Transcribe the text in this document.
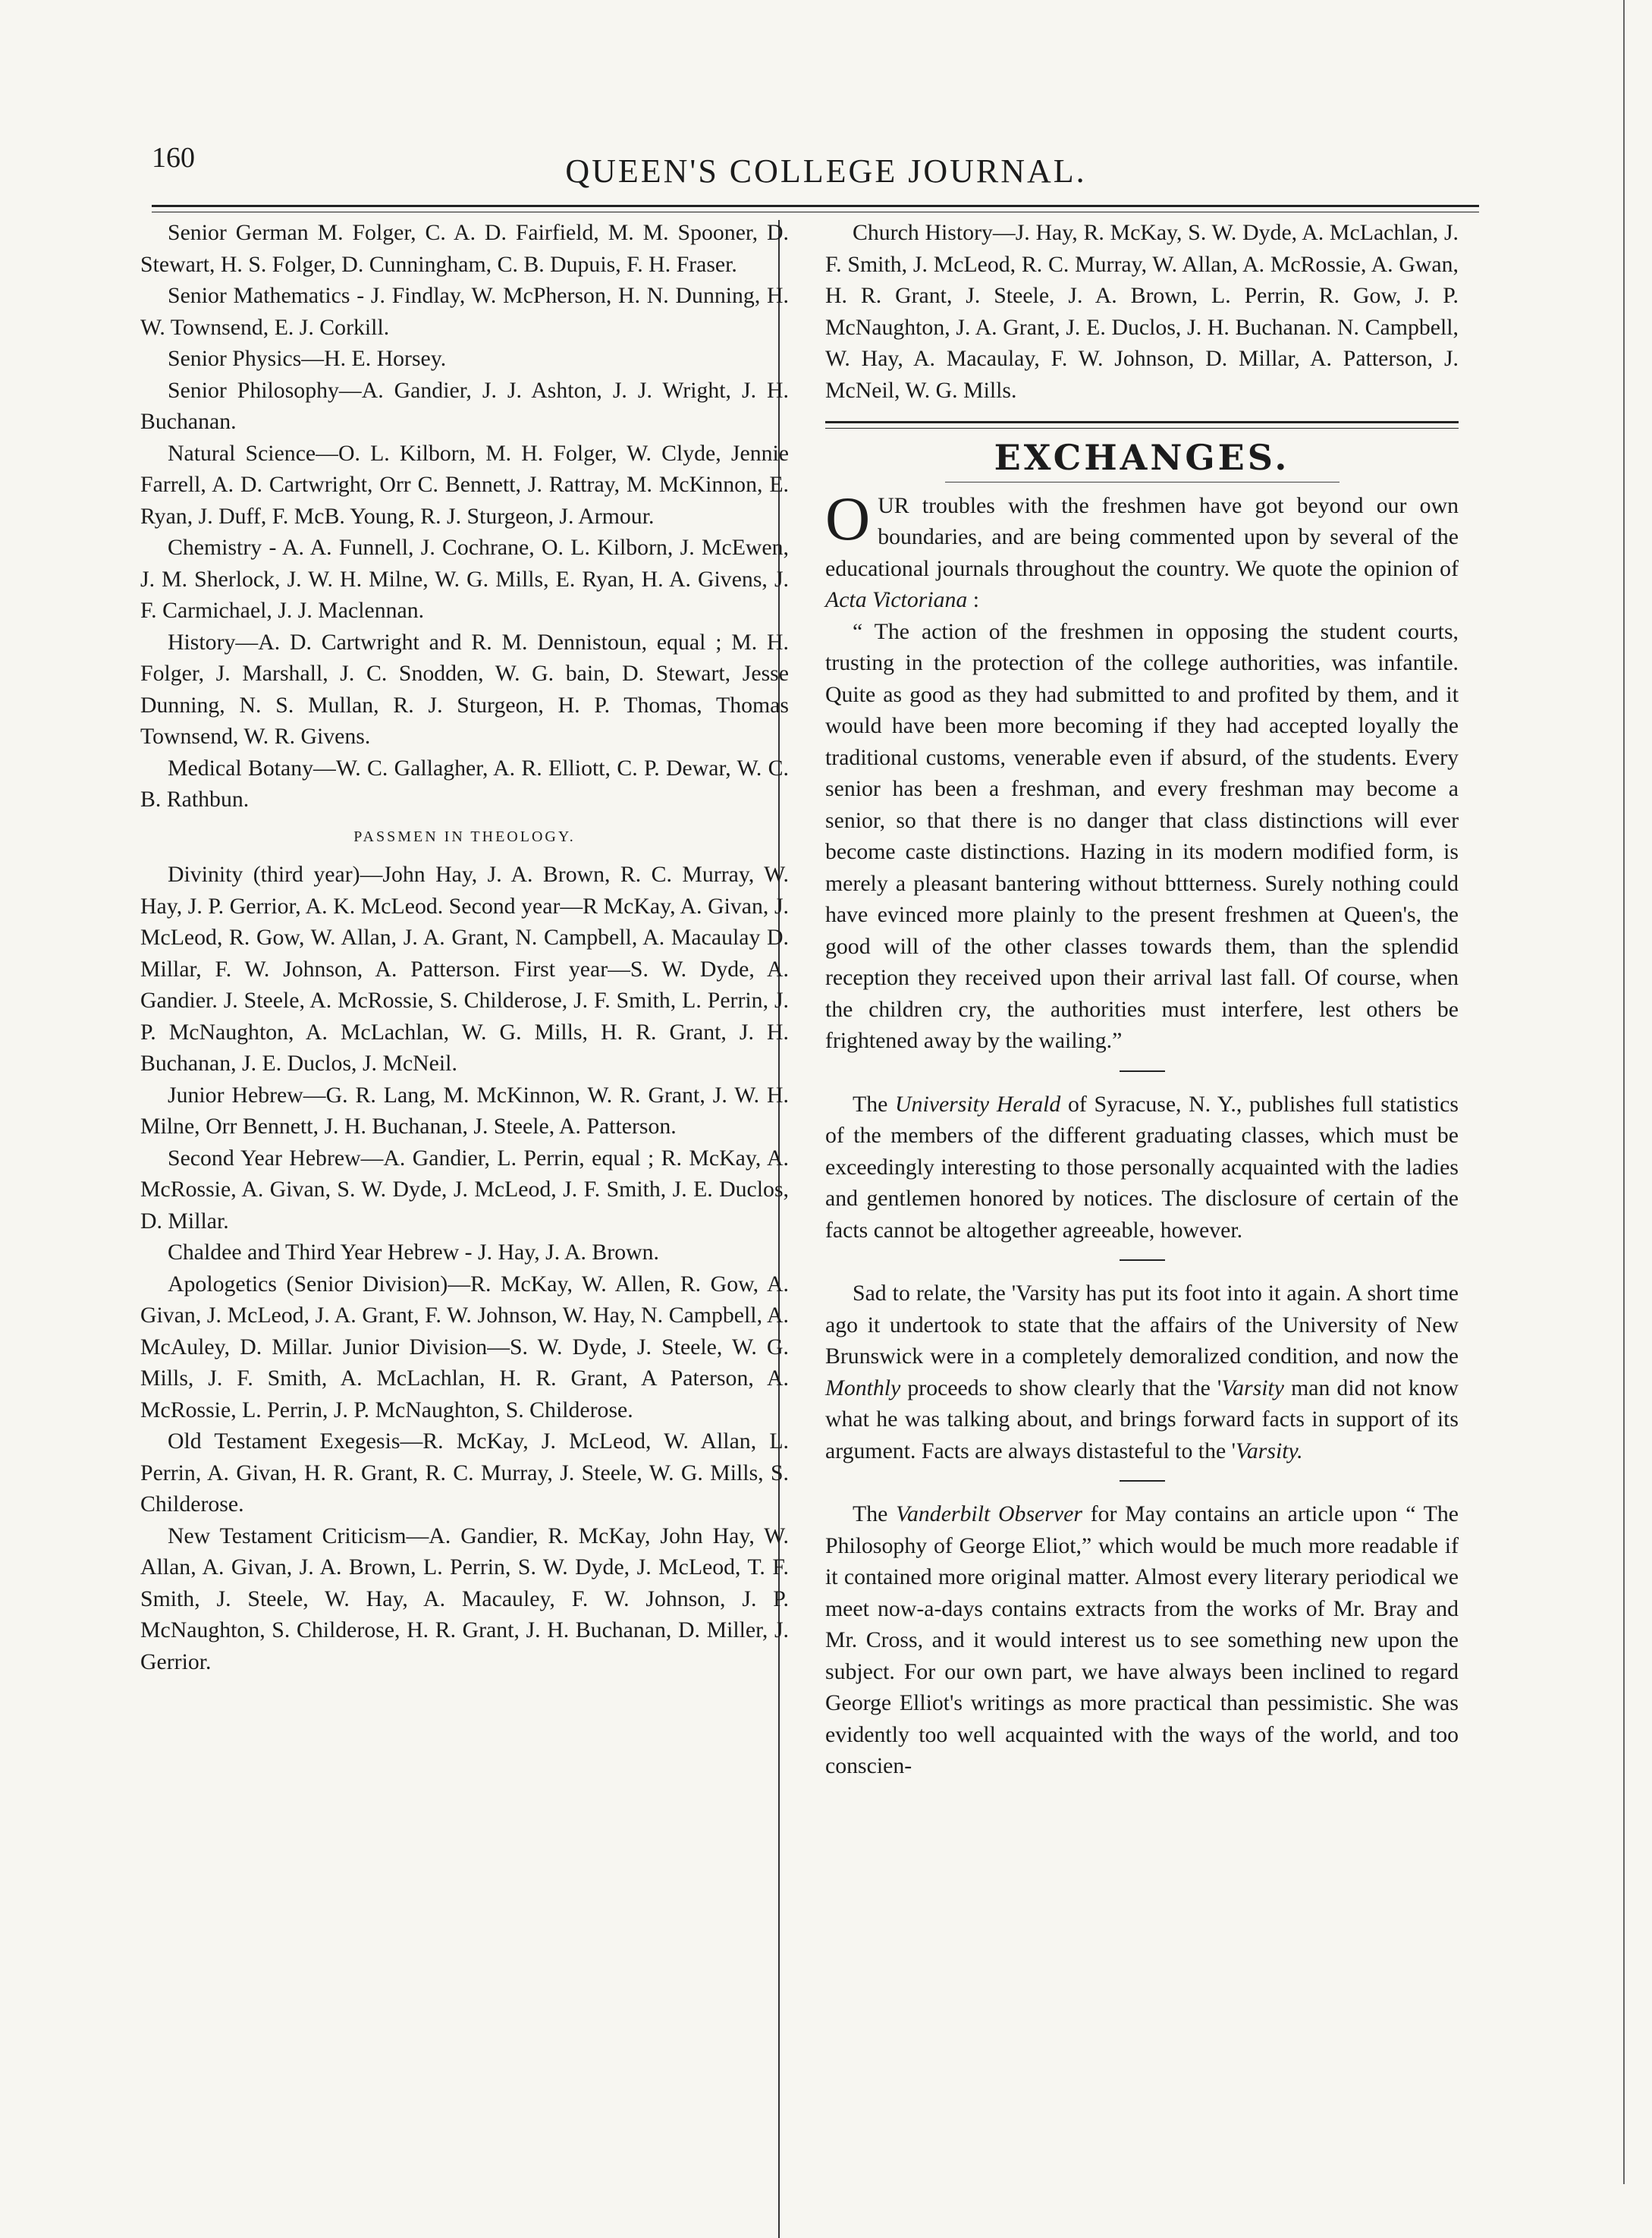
160	QUEEN'S COLLEGE JOURNAL.

Senior German M. Folger, C. A. D. Fairfield, M. M. Spooner, D. Stewart, H. S. Folger, D. Cunningham, C. B. Dupuis, F. H. Fraser.

Senior Mathematics - J. Findlay, W. McPherson, H. N. Dunning, H. W. Townsend, E. J. Corkill.

Senior Physics—H. E. Horsey.

Senior Philosophy—A. Gandier, J. J. Ashton, J. J. Wright, J. H. Buchanan.

Natural Science—O. L. Kilborn, M. H. Folger, W. Clyde, Jennie Farrell, A. D. Cartwright, Orr C. Bennett, J. Rattray, M. McKinnon, E. Ryan, J. Duff, F. McB. Young, R. J. Sturgeon, J. Armour.

Chemistry - A. A. Funnell, J. Cochrane, O. L. Kilborn, J. McEwen, J. M. Sherlock, J. W. H. Milne, W. G. Mills, E. Ryan, H. A. Givens, J. F. Carmichael, J. J. Maclennan.

History—A. D. Cartwright and R. M. Dennistoun, equal ; M. H. Folger, J. Marshall, J. C. Snodden, W. G. bain, D. Stewart, Jesse Dunning, N. S. Mullan, R. J. Sturgeon, H. P. Thomas, Thomas Townsend, W. R. Givens.

Medical Botany—W. C. Gallagher, A. R. Elliott, C. P. Dewar, W. C. B. Rathbun.

PASSMEN IN THEOLOGY.

Divinity (third year)—John Hay, J. A. Brown, R. C. Murray, W. Hay, J. P. Gerrior, A. K. McLeod. Second year—R McKay, A. Givan, J. McLeod, R. Gow, W. Allan, J. A. Grant, N. Campbell, A. Macaulay D. Millar, F. W. Johnson, A. Patterson. First year—S. W. Dyde, A. Gandier. J. Steele, A. McRossie, S. Childerose, J. F. Smith, L. Perrin, J. P. McNaughton, A. McLachlan, W. G. Mills, H. R. Grant, J. H. Buchanan, J. E. Duclos, J. McNeil.

Junior Hebrew—G. R. Lang, M. McKinnon, W. R. Grant, J. W. H. Milne, Orr Bennett, J. H. Buchanan, J. Steele, A. Patterson.

Second Year Hebrew—A. Gandier, L. Perrin, equal ; R. McKay, A. McRossie, A. Givan, S. W. Dyde, J. McLeod, J. F. Smith, J. E. Duclos, D. Millar.

Chaldee and Third Year Hebrew - J. Hay, J. A. Brown.

Apologetics (Senior Division)—R. McKay, W. Allen, R. Gow, A. Givan, J. McLeod, J. A. Grant, F. W. Johnson, W. Hay, N. Campbell, A. McAuley, D. Millar. Junior Division—S. W. Dyde, J. Steele, W. G. Mills, J. F. Smith, A. McLachlan, H. R. Grant, A Paterson, A. McRossie, L. Perrin, J. P. McNaughton, S. Childerose.

Old Testament Exegesis—R. McKay, J. McLeod, W. Allan, L. Perrin, A. Givan, H. R. Grant, R. C. Murray, J. Steele, W. G. Mills, S. Childerose.

New Testament Criticism—A. Gandier, R. McKay, John Hay, W. Allan, A. Givan, J. A. Brown, L. Perrin, S. W. Dyde, J. McLeod, T. F. Smith, J. Steele, W. Hay, A. Macauley, F. W. Johnson, J. P. McNaughton, S. Childerose, H. R. Grant, J. H. Buchanan, D. Miller, J. Gerrior.

Church History—J. Hay, R. McKay, S. W. Dyde, A. McLachlan, J. F. Smith, J. McLeod, R. C. Murray, W. Allan, A. McRossie, A. Gwan, H. R. Grant, J. Steele, J. A. Brown, L. Perrin, R. Gow, J. P. McNaughton, J. A. Grant, J. E. Duclos, J. H. Buchanan. N. Campbell, W. Hay, A. Macaulay, F. W. Johnson, D. Millar, A. Patterson, J. McNeil, W. G. Mills.

EXCHANGES.

OUR troubles with the freshmen have got beyond our own boundaries, and are being commented upon by several of the educational journals throughout the country. We quote the opinion of Acta Victoriana :

“ The action of the freshmen in opposing the student courts, trusting in the protection of the college authorities, was infantile. Quite as good as they had submitted to and profited by them, and it would have been more becoming if they had accepted loyally the traditional customs, venerable even if absurd, of the students. Every senior has been a freshman, and every freshman may become a senior, so that there is no danger that class distinctions will ever become caste distinctions. Hazing in its modern modified form, is merely a pleasant bantering without bttterness. Surely nothing could have evinced more plainly to the present freshmen at Queen's, the good will of the other classes towards them, than the splendid reception they received upon their arrival last fall. Of course, when the children cry, the authorities must interfere, lest others be frightened away by the wailing.”

The University Herald of Syracuse, N. Y., publishes full statistics of the members of the different graduating classes, which must be exceedingly interesting to those personally acquainted with the ladies and gentlemen honored by notices. The disclosure of certain of the facts cannot be altogether agreeable, however.

Sad to relate, the 'Varsity has put its foot into it again. A short time ago it undertook to state that the affairs of the University of New Brunswick were in a completely demoralized condition, and now the Monthly proceeds to show clearly that the 'Varsity man did not know what he was talking about, and brings forward facts in support of its argument. Facts are always distasteful to the 'Varsity.

The Vanderbilt Observer for May contains an article upon “ The Philosophy of George Eliot,” which would be much more readable if it contained more original matter. Almost every literary periodical we meet now-a-days contains extracts from the works of Mr. Bray and Mr. Cross, and it would interest us to see something new upon the subject. For our own part, we have always been inclined to regard George Elliot's writings as more practical than pessimistic. She was evidently too well acquainted with the ways of the world, and too conscien-
